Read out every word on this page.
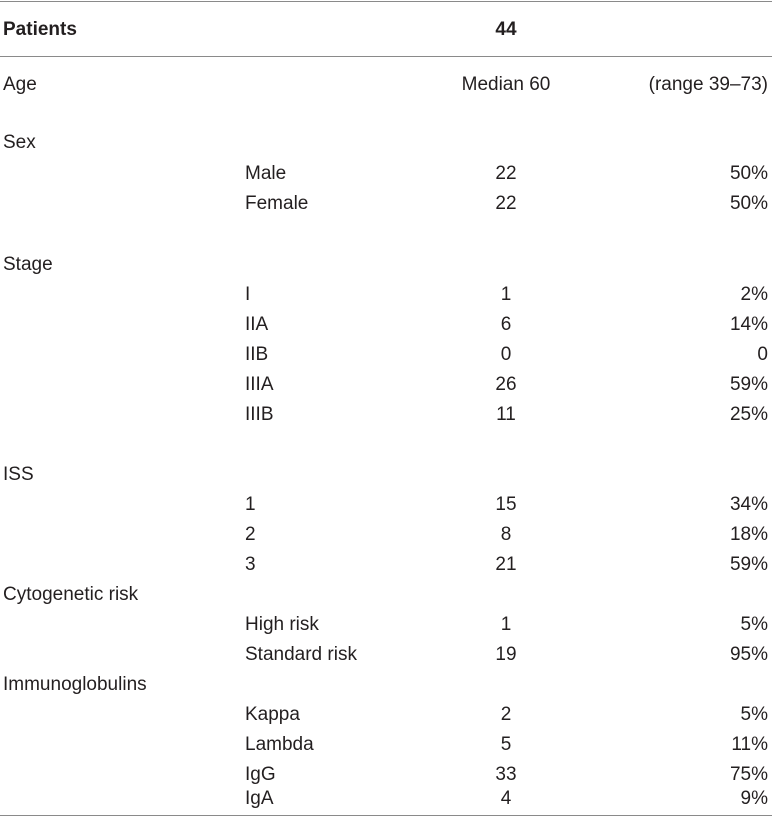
Patients	44
Age	Median 60	(range 39–73)
Sex
Male	22	50%
Female	22	50%
Stage
I	1	2%
IIA	6	14%
IIB	0	0
IIIA	26	59%
IIIB	11	25%
ISS
1	15	34%
2	8	18%
3	21	59%
Cytogenetic risk
High risk	1	5%
Standard risk	19	95%
Immunoglobulins
Kappa	2	5%
Lambda	5	11%
IgG	33	75%
IgA	4	9%
